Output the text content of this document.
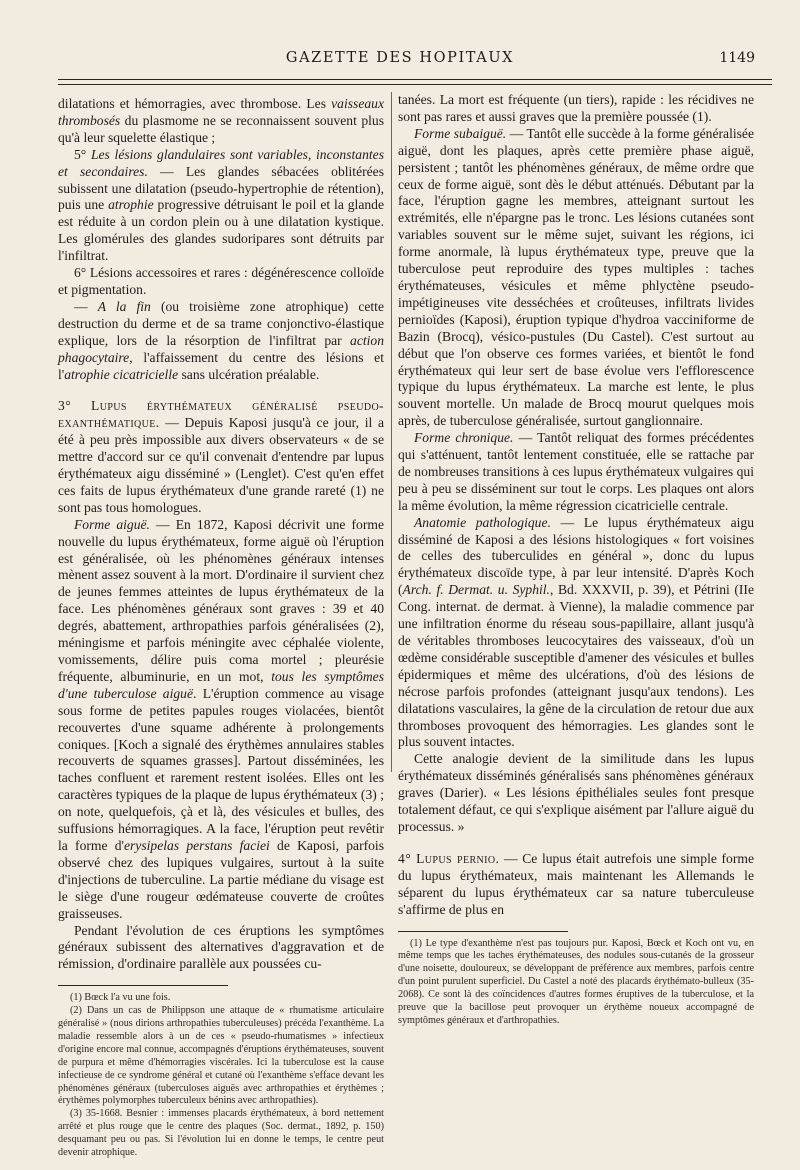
GAZETTE DES HOPITAUX	1149

dilatations et hémorragies, avec thrombose. Les vaisseaux thrombosés du plasmome ne se reconnaissent souvent plus qu'à leur squelette élastique ;

5° Les lésions glandulaires sont variables, inconstantes et secondaires. — Les glandes sébacées oblitérées subissent une dilatation (pseudo-hypertrophie de rétention), puis une atrophie progressive détruisant le poil et la glande est réduite à un cordon plein ou à une dilatation kystique. Les glomérules des glandes sudoripares sont détruits par l'infiltrat.

6° Lésions accessoires et rares : dégénérescence colloïde et pigmentation.

— A la fin (ou troisième zone atrophique) cette destruction du derme et de sa trame conjonctivo-élastique explique, lors de la résorption de l'infiltrat par action phagocytaire, l'affaissement du centre des lésions et l'atrophie cicatricielle sans ulcération préalable.

3° Lupus érythémateux généralisé pseudo-exanthématique. — Depuis Kaposi jusqu'à ce jour, il a été à peu près impossible aux divers observateurs « de se mettre d'accord sur ce qu'il convenait d'entendre par lupus érythémateux aigu disséminé » (Lenglet). C'est qu'en effet ces faits de lupus érythémateux d'une grande rareté (1) ne sont pas tous homologues.

Forme aiguë. — En 1872, Kaposi décrivit une forme nouvelle du lupus érythémateux, forme aiguë où l'éruption est généralisée, où les phénomènes généraux intenses mènent assez souvent à la mort. D'ordinaire il survient chez de jeunes femmes atteintes de lupus érythémateux de la face. Les phénomènes généraux sont graves : 39 et 40 degrés, abattement, arthropathies parfois généralisées (2), méningisme et parfois méningite avec céphalée violente, vomissements, délire puis coma mortel ; pleurésie fréquente, albuminurie, en un mot, tous les symptômes d'une tuberculose aiguë. L'éruption commence au visage sous forme de petites papules rouges violacées, bientôt recouvertes d'une squame adhérente à prolongements coniques. [Koch a signalé des érythèmes annulaires stables recouverts de squames grasses]. Partout disséminées, les taches confluent et rarement restent isolées. Elles ont les caractères typiques de la plaque de lupus érythémateux (3) ; on note, quelquefois, çà et là, des vésicules et bulles, des suffusions hémorragiques. A la face, l'éruption peut revêtir la forme d'erysipelas perstans faciei de Kaposi, parfois observé chez des lupiques vulgaires, surtout à la suite d'injections de tuberculine. La partie médiane du visage est le siège d'une rougeur œdémateuse couverte de croûtes graisseuses.

Pendant l'évolution de ces éruptions les symptômes généraux subissent des alternatives d'aggravation et de rémission, d'ordinaire parallèle aux poussées cu-

(1) Bœck l'a vu une fois.

(2) Dans un cas de Philippson une attaque de « rhumatisme articulaire généralisé » (nous dirions arthropathies tuberculeuses) précéda l'exanthème. La maladie ressemble alors à un de ces « pseudo-rhumatismes » infectieux d'origine encore mal connue, accompagnés d'éruptions érythémateuses, souvent de purpura et même d'hémorragies viscérales. Ici la tuberculose est la cause infectieuse de ce syndrome général et cutané où l'exanthème s'efface devant les phénomènes généraux (tuberculoses aiguës avec arthropathies et érythèmes ; érythèmes polymorphes tuberculeux bénins avec arthropathies).

(3) 35-1668. Besnier : immenses placards érythémateux, à bord nettement arrêté et plus rouge que le centre des plaques (Soc. dermat., 1892, p. 150) desquamant peu ou pas. Si l'évolution lui en donne le temps, le centre peut devenir atrophique.

tanées. La mort est fréquente (un tiers), rapide : les récidives ne sont pas rares et aussi graves que la première poussée (1).

Forme subaiguë. — Tantôt elle succède à la forme généralisée aiguë, dont les plaques, après cette première phase aiguë, persistent ; tantôt les phénomènes généraux, de même ordre que ceux de forme aiguë, sont dès le début atténués. Débutant par la face, l'éruption gagne les membres, atteignant surtout les extrémités, elle n'épargne pas le tronc. Les lésions cutanées sont variables souvent sur le même sujet, suivant les régions, ici forme anormale, là lupus érythémateux type, preuve que la tuberculose peut reproduire des types multiples : taches érythémateuses, vésicules et même phlyctène pseudo-impétigineuses vite desséchées et croûteuses, infiltrats livides pernioïdes (Kaposi), éruption typique d'hydroa vacciniforme de Bazin (Brocq), vésico-pustules (Du Castel). C'est surtout au début que l'on observe ces formes variées, et bientôt le fond érythémateux qui leur sert de base évolue vers l'efflorescence typique du lupus érythémateux. La marche est lente, le plus souvent mortelle. Un malade de Brocq mourut quelques mois après, de tuberculose généralisée, surtout ganglionnaire.

Forme chronique. — Tantôt reliquat des formes précédentes qui s'atténuent, tantôt lentement constituée, elle se rattache par de nombreuses transitions à ces lupus érythémateux vulgaires qui peu à peu se disséminent sur tout le corps. Les plaques ont alors la même évolution, la même régression cicatricielle centrale.

Anatomie pathologique. — Le lupus érythémateux aigu disséminé de Kaposi a des lésions histologiques « fort voisines de celles des tuberculides en général », donc du lupus érythémateux discoïde type, à par leur intensité. D'après Koch (Arch. f. Dermat. u. Syphil., Bd. XXXVII, p. 39), et Pétrini (IIe Cong. internat. de dermat. à Vienne), la maladie commence par une infiltration énorme du réseau sous-papillaire, allant jusqu'à de véritables thromboses leucocytaires des vaisseaux, d'où un œdème considérable susceptible d'amener des vésicules et bulles épidermiques et même des ulcérations, d'où des lésions de nécrose parfois profondes (atteignant jusqu'aux tendons). Les dilatations vasculaires, la gêne de la circulation de retour due aux thromboses provoquent des hémorragies. Les glandes sont le plus souvent intactes.

Cette analogie devient de la similitude dans les lupus érythémateux disséminés généralisés sans phénomènes généraux graves (Darier). « Les lésions épithéliales seules font presque totalement défaut, ce qui s'explique aisément par l'allure aiguë du processus. »

4° Lupus pernio. — Ce lupus était autrefois une simple forme du lupus érythémateux, mais maintenant les Allemands le séparent du lupus érythémateux car sa nature tuberculeuse s'affirme de plus en

(1) Le type d'exanthème n'est pas toujours pur. Kaposi, Bœck et Koch ont vu, en même temps que les taches érythémateuses, des nodules sous-cutanés de la grosseur d'une noisette, douloureux, se développant de préférence aux membres, parfois centre d'un point purulent superficiel. Du Castel a noté des placards érythémato-bulleux (35-2068). Ce sont là des coïncidences d'autres formes éruptives de la tuberculose, et la preuve que la bacillose peut provoquer un érythème noueux accompagné de symptômes généraux et d'arthropathies.
